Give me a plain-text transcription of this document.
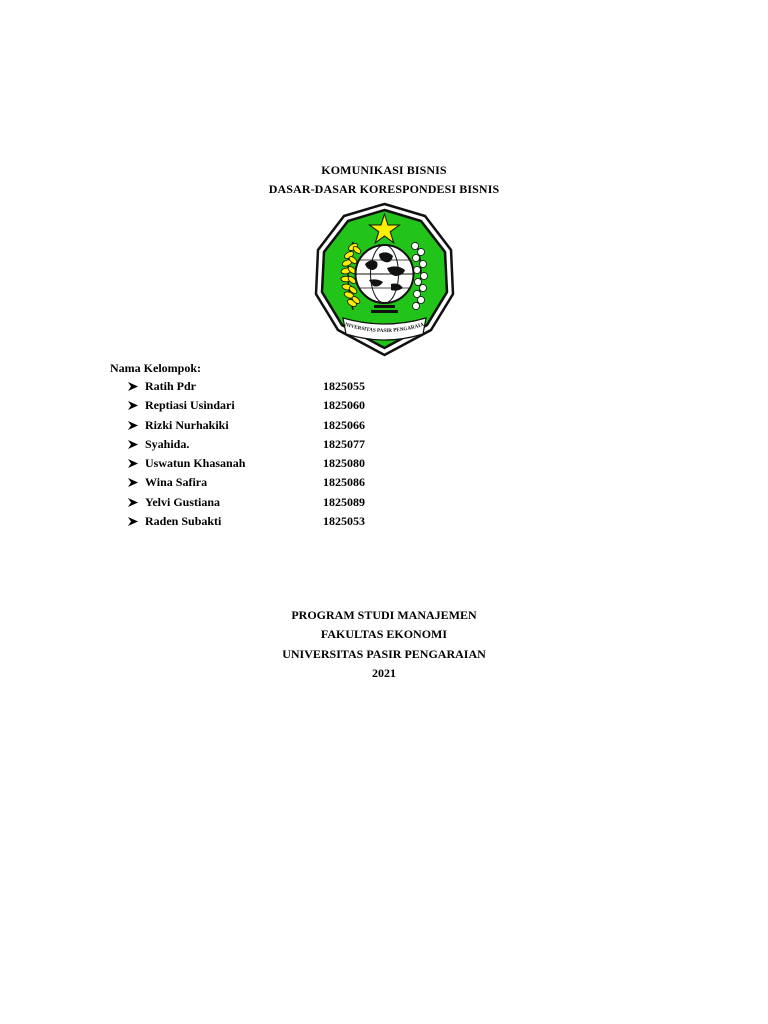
KOMUNIKASI BISNIS
DASAR-DASAR KORESPONDESI BISNIS
NIVERSITAS PASIR PENGARAIA
Nama Kelompok:
Ratih Pdr	1825055
Reptiasi Usindari	1825060
Rizki Nurhakiki	1825066
Syahida.	1825077
Uswatun Khasanah	1825080
Wina Safira	1825086
Yelvi Gustiana	1825089
Raden Subakti	1825053
PROGRAM STUDI MANAJEMEN
FAKULTAS EKONOMI
UNIVERSITAS PASIR PENGARAIAN
2021
